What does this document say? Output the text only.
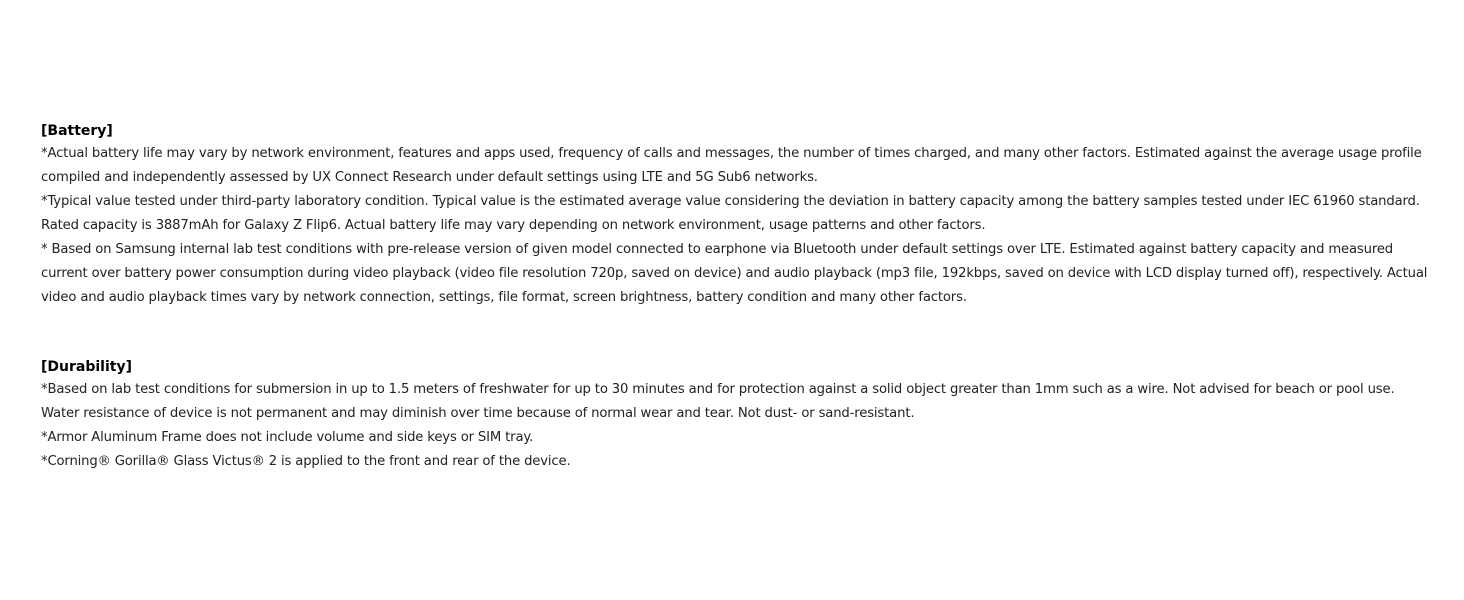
[Battery]

*Actual battery life may vary by network environment, features and apps used, frequency of calls and messages, the number of times charged, and many other factors. Estimated against the average usage profile compiled and independently assessed by UX Connect Research under default settings using LTE and 5G Sub6 networks.

*Typical value tested under third-party laboratory condition. Typical value is the estimated average value considering the deviation in battery capacity among the battery samples tested under IEC 61960 standard. Rated capacity is 3887mAh for Galaxy Z Flip6. Actual battery life may vary depending on network environment, usage patterns and other factors.

* Based on Samsung internal lab test conditions with pre-release version of given model connected to earphone via Bluetooth under default settings over LTE. Estimated against battery capacity and measured current over battery power consumption during video playback (video file resolution 720p, saved on device) and audio playback (mp3 file, 192kbps, saved on device with LCD display turned off), respectively. Actual video and audio playback times vary by network connection, settings, file format, screen brightness, battery condition and many other factors.

[Durability]

*Based on lab test conditions for submersion in up to 1.5 meters of freshwater for up to 30 minutes and for protection against a solid object greater than 1mm such as a wire. Not advised for beach or pool use. Water resistance of device is not permanent and may diminish over time because of normal wear and tear. Not dust- or sand-resistant.

*Armor Aluminum Frame does not include volume and side keys or SIM tray.

*Corning® Gorilla® Glass Victus® 2 is applied to the front and rear of the device.
